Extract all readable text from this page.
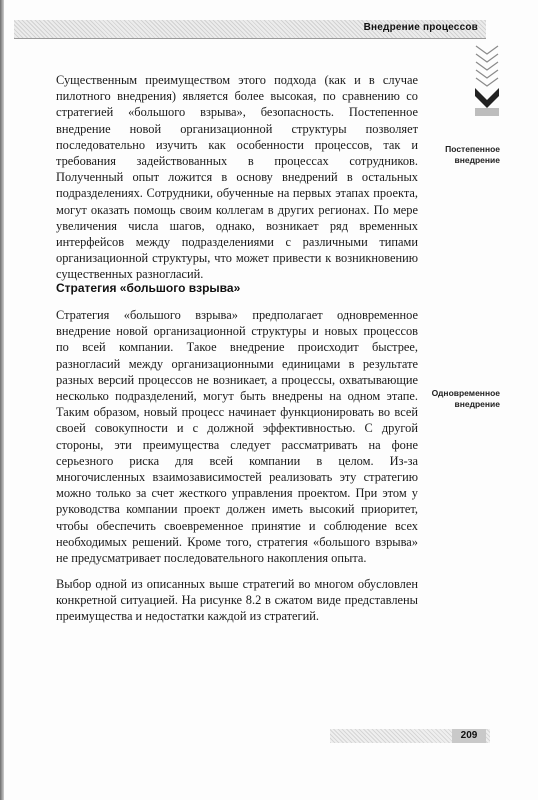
Внедрение процессов

Существенным преимуществом этого подхода (как и в случае пилотного внедрения) является более высокая, по сравнению со стратегией «большого взрыва», безопасность. Постепенное внедрение новой организационной структуры позволяет последовательно изучить как особенности процессов, так и требования задействованных в процессах сотрудников. Полученный опыт ложится в основу внедрений в остальных подразделениях. Сотрудники, обученные на первых этапах проекта, могут оказать помощь своим коллегам в других регионах. По мере увеличения числа шагов, однако, возникает ряд временных интерфейсов между подразделениями с различными типами организационной структуры, что может привести к возникновению существенных разногласий.

Стратегия «большого взрыва»

Стратегия «большого взрыва» предполагает одновременное внедрение новой организационной структуры и новых процессов по всей компании. Такое внедрение происходит быстрее, разногласий между организационными единицами в результате разных версий процессов не возникает, а процессы, охватывающие несколько подразделений, могут быть внедрены на одном этапе. Таким образом, новый процесс начинает функционировать во всей своей совокупности и с должной эффективностью. С другой стороны, эти преимущества следует рассматривать на фоне серьезного риска для всей компании в целом. Из-за многочисленных взаимозависимостей реализовать эту стратегию можно только за счет жесткого управления проектом. При этом у руководства компании проект должен иметь высокий приоритет, чтобы обеспечить своевременное принятие и соблюдение всех необходимых решений. Кроме того, стратегия «большого взрыва» не предусматривает последовательного накопления опыта.

Выбор одной из описанных выше стратегий во многом обусловлен конкретной ситуацией. На рисунке 8.2 в сжатом виде представлены преимущества и недостатки каждой из стратегий.

Постепенное внедрение
Одновременное внедрение
209
